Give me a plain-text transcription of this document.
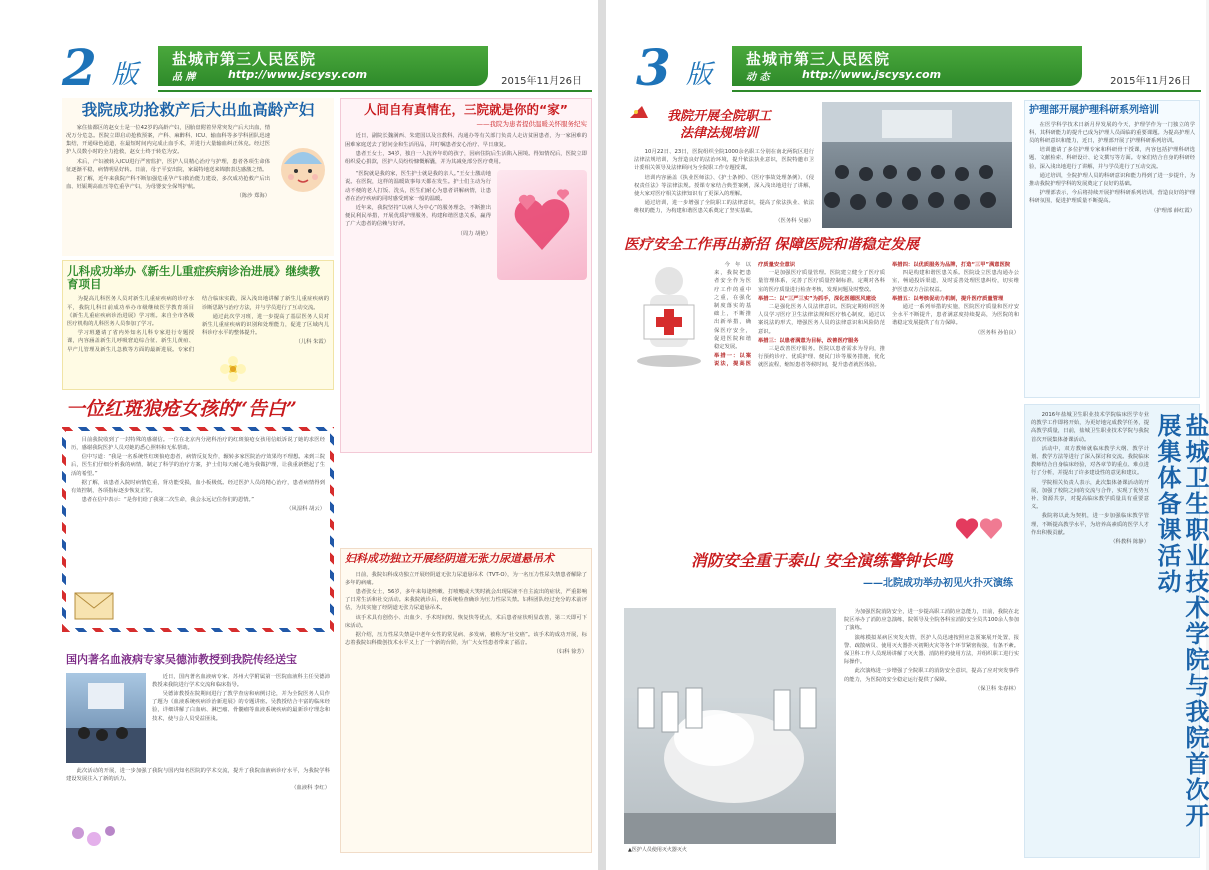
2 版
盐城市第三人民医院
品 牌	http://www.jscysy.com
2015年11月26日
我院成功抢救产后大出血高龄产妇

家住盐都区的赵女士是一位42岁的高龄产妇，因胎盘附着异常突发产后大出血，情况万分危急。医院立即启动抢救预案，产科、麻醉科、ICU、输血科等多学科团队迅速集结，开通绿色通道，在最短时间内完成止血手术，并进行大量输血纠正休克。经过医护人员数小时的全力抢救，赵女士终于转危为安。

术后，产妇被转入ICU进行严密监护，医护人员精心治疗与护理，患者各项生命体征逐渐平稳，病情明显好转。日前，母子平安出院，家属特地送来锦旗表达感激之情。

据了解，近年来我院产科不断加强危重孕产妇救治能力建设，多次成功抢救产后出血、妊娠期高血压等危重孕产妇，为母婴安全保驾护航。

（陈沙 郑海）
儿科成功举办《新生儿重症疾病诊治进展》继续教育项目

为提高儿科医务人员对新生儿重症疾病的诊疗水平，我院儿科日前成功举办市级继续医学教育项目《新生儿重症疾病诊治进展》学习班。来自全市各级医疗机构的儿科医务人员参加了学习。

学习班邀请了省内外知名儿科专家进行专题授课，内容涵盖新生儿呼吸窘迫综合征、新生儿黄疸、早产儿管理及新生儿急救等方面的最新进展。专家们结合临床实践，深入浅出地讲解了新生儿重症疾病的诊断思路与治疗方法，并与学员进行了互动交流。

通过此次学习班，进一步提高了基层医务人员对新生儿重症疾病的识别和处理能力，促进了区域内儿科诊疗水平的整体提升。

（儿科 朱霞）
人间自有真情在，三院就是你的“家”
——我院为患者提供温暖关怀服务纪实

近日，副院长魏满西、朱建国以及宣教科、沟通办等有关部门负责人走访贫困患者，为一家困难的困难家庭送去了慰问金和生活用品，并叮嘱患者安心治疗、早日康复。

患者王女士，34岁，独自一人抚养年幼的孩子，因病住院后生活陷入困境。得知情况后，医院立即组织爱心捐款，医护人员纷纷慷慨解囊，并为其减免部分医疗费用。

“医院就是我的家，医生护士就是我的亲人。”王女士激动地说。在医院，这样的温暖故事每天都在发生。护士们主动为行动不便的老人打饭、洗头，医生们耐心为患者讲解病情，让患者在治疗疾病的同时感受到家一般的温暖。

近年来，我院坚持“以病人为中心”的服务理念，不断推出便民利民举措，开展优质护理服务，构建和谐医患关系，赢得了广大患者的信赖与好评。

（周力 胡艳）
一位红斑狼疮女孩的“告白”

目前我院收到了一封特殊的感谢信。一位在北京内分泌科治疗的红斑狼疮女孩用信纸诉说了她的求医经历，感谢我院医护人员对她的悉心照料和无私帮助。

信中写道：“我是一名系统性红斑狼疮患者，病情反复发作，辗转多家医院治疗效果均不理想。来到三院后，医生们仔细分析我的病情，制定了科学的治疗方案，护士们每天耐心地为我做护理，让我重新燃起了生活的希望。”

据了解，该患者入院时病情危重，肾功能受损，血小板极低。经过医护人员的精心治疗，患者病情得到有效控制，各项指标逐步恢复正常。

患者在信中表示：“是你们给了我第二次生命，我会永远记住你们的恩情。”

（风湿科 胡云）
妇科成功独立开展经阴道无张力尿道悬吊术

日前，我院妇科成功独立开展经阴道无张力尿道悬吊术（TVT-O），为一名压力性尿失禁患者解除了多年的病痛。

患者张女士，56岁，多年来每逢咳嗽、打喷嚏或大笑时就会出现尿液不自主流出的症状，严重影响了日常生活和社交活动。来我院就诊后，经系统检查确诊为压力性尿失禁。妇科团队经过充分的术前评估，为其实施了经阴道无张力尿道悬吊术。

该手术具有创伤小、出血少、手术时间短、恢复快等优点，术后患者症状明显改善，第二天即可下床活动。

据介绍，压力性尿失禁是中老年女性的常见病、多发病，被称为“社交癌”。该手术的成功开展，标志着我院妇科微创技术水平又上了一个新的台阶，为广大女性患者带来了福音。

（妇科 徐芳）
国内著名血液病专家吴德沛教授到我院传经送宝

近日，国内著名血液病专家、苏州大学附属第一医院血液科主任吴德沛教授来我院进行学术交流和临床指导。

吴德沛教授在院期间进行了教学查房和病例讨论，并为全院医务人员作了题为《血液系统疾病诊治新进展》的专题讲座。吴教授结合丰富的临床经验，详细讲解了白血病、淋巴瘤、骨髓瘤等血液系统疾病的最新诊疗理念和技术，使与会人员受益匪浅。

此次活动的开展，进一步加强了我院与国内知名医院的学术交流，提升了我院血液病诊疗水平，为我院学科建设发展注入了新的活力。

（血液科 李红）
3 版
盐城市第三人民医院
动 态	http://www.jscysy.com
2015年11月26日
我院开展全院职工
法律法规培训

10月22日、23日，医院组织全院1000余名职工分别在南北两院区进行法律法规培训，为营造良好的法治环境，提升依法执业意识，医院特邀市卫计委相关领导及法律顾问为全院职工作专题授课。

培训内容涵盖《执业医师法》、《护士条例》、《医疗事故处理条例》、《侵权责任法》等法律法规。授课专家结合典型案例，深入浅出地进行了讲解，使大家对医疗相关法律知识有了更深入的理解。

通过培训，进一步增强了全院职工的法律意识，提高了依法执业、依法维权的能力，为构建和谐医患关系奠定了坚实基础。

（医务科 吴丽）
医疗安全工作再出新招 保障医院和谐稳定发展

今年以来，我院把患者安全作为医疗工作的重中之重，在强化制度落实的基础上，不断推出新举措，确保医疗安全，促进医院和谐稳定发展。

举措一：以案说法，提高医疗质量安全意识

一是加强医疗质量管理。医院建立健全了医疗质量管理体系，完善了医疗质量控制标准，定期对各科室的医疗质量进行检查考核，发现问题及时整改。

举措二：以“三严三实”为抓手，深化医德医风建设

二是强化医务人员法律意识。医院定期组织医务人员学习医疗卫生法律法规和医疗核心制度，通过以案说法的形式，增强医务人员的法律意识和风险防范意识。

举措三：以患者满意为目标，改善医疗服务

三是改善医疗服务。医院以患者需求为导向，推行预约诊疗、优质护理、便民门诊等服务措施，优化就医流程，缩短患者等候时间，提升患者就医体验。

举措四：以优质服务为品牌，打造“三甲”满意医院

四是构建和谐医患关系。医院设立医患沟通办公室，畅通投诉渠道，及时妥善处理医患纠纷，切实维护医患双方合法权益。

举措五：以考核促动力机制，提升医疗质量管理

通过一系列举措的实施，医院医疗质量和医疗安全水平不断提升，患者满意度持续提高，为医院的和谐稳定发展提供了有力保障。

（医务科 孙伯良）
消防安全重于泰山 安全演练警钟长鸣
——北院成功举办初见火扑灭演练
▲医护人员使用灭火器灭火

为加强医院消防安全，进一步提高职工消防应急能力，日前，我院在北院区举办了消防应急演练，院领导及全院各科室消防安全员共100余人参加了演练。

演练模拟某病区突发火情，医护人员迅速按照应急预案展开处置，报警、疏散病员、使用灭火器扑灭初期火灾等各个环节紧密衔接，有条不紊。保卫科工作人员现场讲解了灭火器、消防栓的使用方法，并组织职工进行实际操作。

此次演练进一步增强了全院职工的消防安全意识，提高了应对突发事件的能力，为医院的安全稳定运行提供了保障。

（保卫科 朱春林）
护理部开展护理科研系列培训

在医学科学技术日新月异发展的今天，护理学作为一门独立的学科，其科研能力的提升已成为护理人员面临的重要课题。为提高护理人员的科研意识和能力，近日，护理部开展了护理科研系列培训。

培训邀请了多位护理专家和科研骨干授课，内容包括护理科研选题、文献检索、科研设计、论文撰写等方面。专家们结合自身的科研经验，深入浅出地进行了讲解，并与学员进行了互动交流。

通过培训，全院护理人员的科研意识和能力得到了进一步提升，为推动我院护理学科的发展奠定了良好的基础。

护理部表示，今后将持续开展护理科研系列培训，营造良好的护理科研氛围，促进护理质量不断提高。

（护理部 薛红霞）

2016年盐城卫生职业技术学院临床医学专业的教学工作即将开始，为更好地完成教学任务，提高教学质量，日前，盐城卫生职业技术学院与我院首次开展集体备课活动。

活动中，双方教师就临床教学大纲、教学计划、教学方法等进行了深入探讨和交流。我院临床教师结合自身临床经验，对各章节的重点、难点进行了分析，并提出了许多建设性的意见和建议。

学院相关负责人表示，此次集体备课活动的开展，加强了校院之间的交流与合作，实现了优势互补、资源共享，对提高临床教学质量具有重要意义。

我院将以此为契机，进一步加强临床教学管理，不断提高教学水平，为培养高素质的医学人才作出积极贡献。

（科教科 陈静）	盐城卫生职业技术学院与我院首次开展集体备课活动
